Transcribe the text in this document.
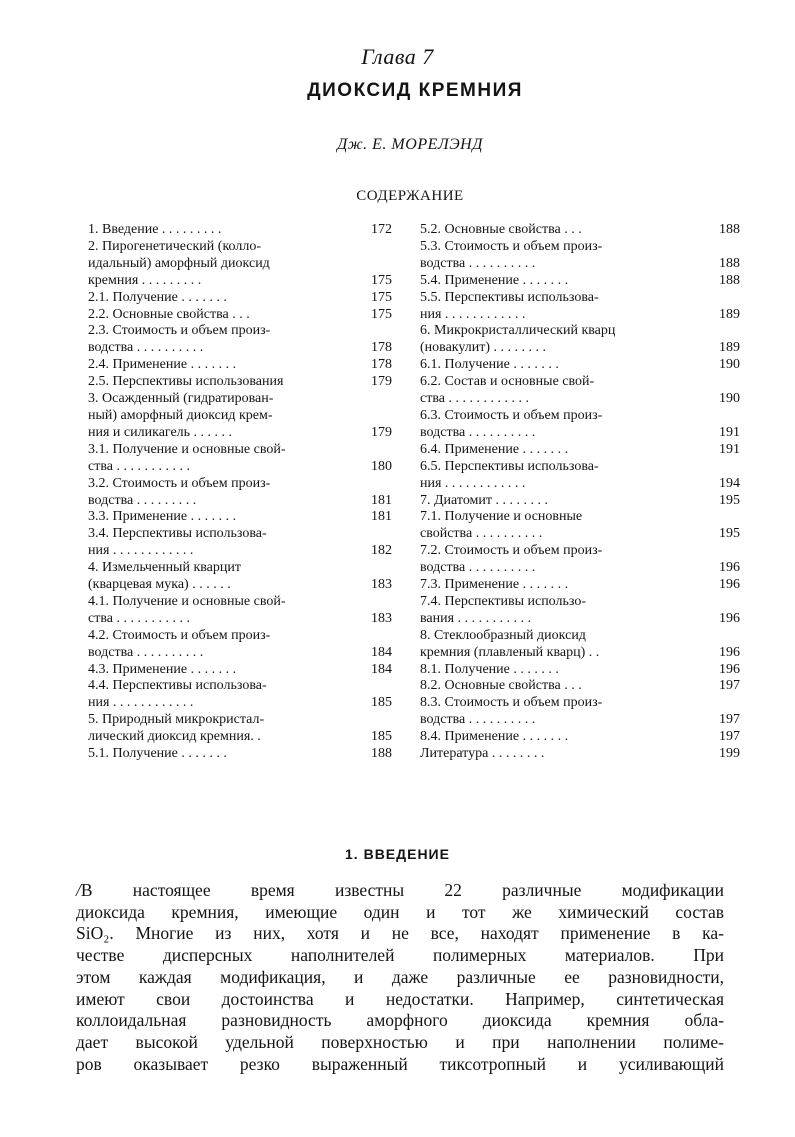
Глава 7
ДИОКСИД КРЕМНИЯ
Дж. Е. МОРЕЛЭНД
СОДЕРЖАНИЕ
1. Введение . . . . . . . . .	172
2. Пирогенетический (колло-
идальный) аморфный диоксид
кремния . . . . . . . . .	175
2.1. Получение . . . . . . .	175
2.2. Основные свойства . . .	175
2.3. Стоимость и объем произ-
водства . . . . . . . . . .	178
2.4. Применение . . . . . . .	178
2.5. Перспективы использования	179
3. Осажденный (гидратирован-
ный) аморфный диоксид крем-
ния и силикагель . . . . . .	179
3.1. Получение и основные свой-
ства . . . . . . . . . . .	180
3.2. Стоимость и объем произ-
водства . . . . . . . . .	181
3.3. Применение . . . . . . .	181
3.4. Перспективы использова-
ния . . . . . . . . . . . .	182
4. Измельченный кварцит
(кварцевая мука) . . . . . .	183
4.1. Получение и основные свой-
ства . . . . . . . . . . .	183
4.2. Стоимость и объем произ-
водства . . . . . . . . . .	184
4.3. Применение . . . . . . .	184
4.4. Перспективы использова-
ния . . . . . . . . . . . .	185
5. Природный микрокристал-
лический диоксид кремния. .	185
5.1. Получение . . . . . . .	188
5.2. Основные свойства . . .	188
5.3. Стоимость и объем произ-
водства . . . . . . . . . .	188
5.4. Применение . . . . . . .	188
5.5. Перспективы использова-
ния . . . . . . . . . . . .	189
6. Микрокристаллический кварц
(новакулит) . . . . . . . .	189
6.1. Получение . . . . . . .	190
6.2. Состав и основные свой-
ства . . . . . . . . . . . .	190
6.3. Стоимость и объем произ-
водства . . . . . . . . . .	191
6.4. Применение . . . . . . .	191
6.5. Перспективы использова-
ния . . . . . . . . . . . .	194
7. Диатомит . . . . . . . .	195
7.1. Получение и основные
свойства . . . . . . . . . .	195
7.2. Стоимость и объем произ-
водства . . . . . . . . . .	196
7.3. Применение . . . . . . .	196
7.4. Перспективы использо-
вания . . . . . . . . . . .	196
8. Стеклообразный диоксид
кремния (плавленый кварц) . .	196
8.1. Получение . . . . . . .	196
8.2. Основные свойства . . .	197
8.3. Стоимость и объем произ-
водства . . . . . . . . . .	197
8.4. Применение . . . . . . .	197
Литература . . . . . . . .	199
1. ВВЕДЕНИЕ
/В настоящее время известны 22 различные модификации
диоксида кремния, имеющие один и тот же химический состав
SiO₂. Многие из них, хотя и не все, находят применение в ка-
честве дисперсных наполнителей полимерных материалов. При
этом каждая модификация, и даже различные ее разновидности,
имеют свои достоинства и недостатки. Например, синтетическая
коллоидальная разновидность аморфного диоксида кремния обла-
дает высокой удельной поверхностью и при наполнении полиме-
ров оказывает резко выраженный тиксотропный и усиливающий
